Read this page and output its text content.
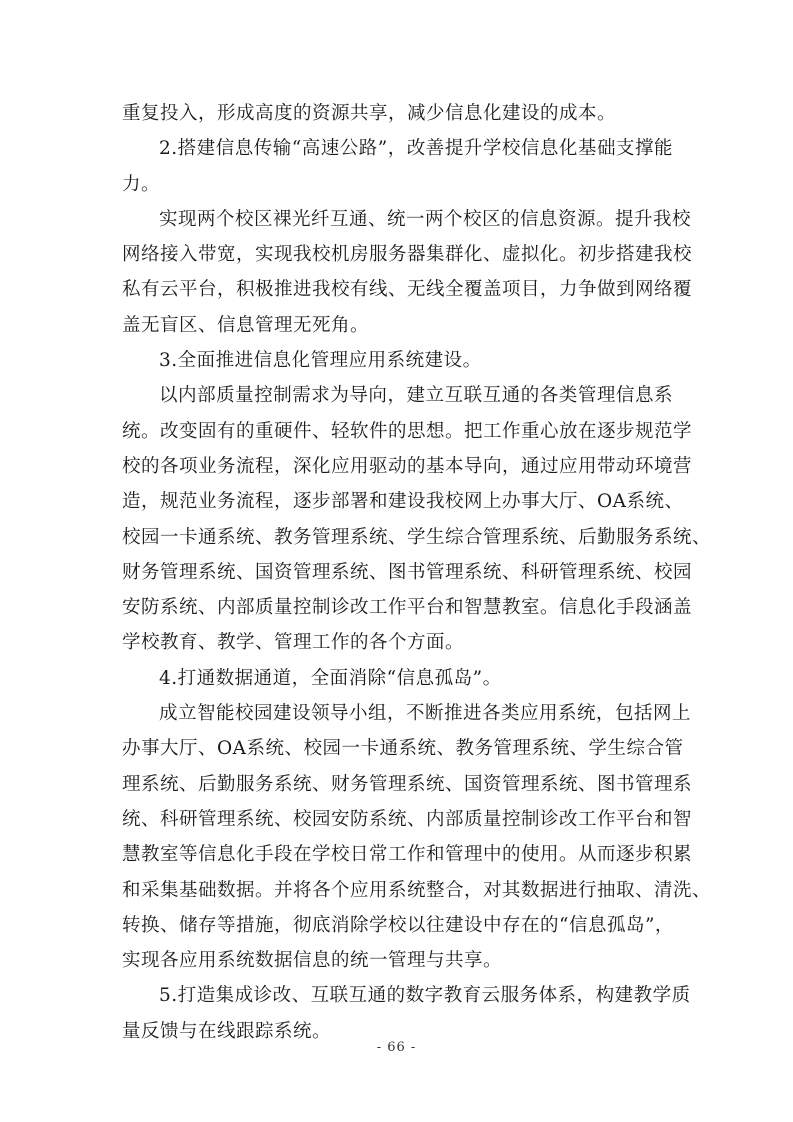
重复投入，形成高度的资源共享，减少信息化建设的成本。
2.搭建信息传输“高速公路”，改善提升学校信息化基础支撑能
力。
实现两个校区裸光纤互通、统一两个校区的信息资源。提升我校
网络接入带宽，实现我校机房服务器集群化、虚拟化。初步搭建我校
私有云平台，积极推进我校有线、无线全覆盖项目，力争做到网络覆
盖无盲区、信息管理无死角。
3.全面推进信息化管理应用系统建设。
以内部质量控制需求为导向，建立互联互通的各类管理信息系
统。改变固有的重硬件、轻软件的思想。把工作重心放在逐步规范学
校的各项业务流程，深化应用驱动的基本导向，通过应用带动环境营
造，规范业务流程，逐步部署和建设我校网上办事大厅、OA系统、
校园一卡通系统、教务管理系统、学生综合管理系统、后勤服务系统、
财务管理系统、国资管理系统、图书管理系统、科研管理系统、校园
安防系统、内部质量控制诊改工作平台和智慧教室。信息化手段涵盖
学校教育、教学、管理工作的各个方面。
4.打通数据通道，全面消除“信息孤岛”。
成立智能校园建设领导小组，不断推进各类应用系统，包括网上
办事大厅、OA系统、校园一卡通系统、教务管理系统、学生综合管
理系统、后勤服务系统、财务管理系统、国资管理系统、图书管理系
统、科研管理系统、校园安防系统、内部质量控制诊改工作平台和智
慧教室等信息化手段在学校日常工作和管理中的使用。从而逐步积累
和采集基础数据。并将各个应用系统整合，对其数据进行抽取、清洗、
转换、储存等措施，彻底消除学校以往建设中存在的“信息孤岛”，
实现各应用系统数据信息的统一管理与共享。
5.打造集成诊改、互联互通的数字教育云服务体系，构建教学质
量反馈与在线跟踪系统。
- 66 -
